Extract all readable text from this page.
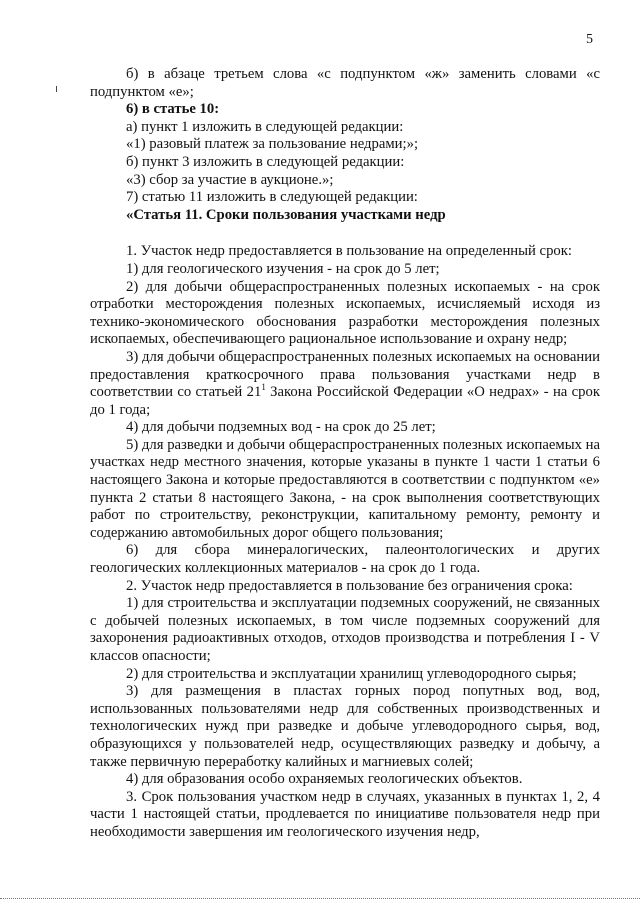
5

б) в абзаце третьем слова «с подпунктом «ж» заменить словами «с подпунктом «е»;

6) в статье 10:

а) пункт 1 изложить в следующей редакции:

«1) разовый платеж за пользование недрами;»;

б) пункт 3 изложить в следующей редакции:

«3) сбор за участие в аукционе.»;

7) статью 11 изложить в следующей редакции:

«Статья 11. Сроки пользования участками недр

1. Участок недр предоставляется в пользование на определенный срок:

1) для геологического изучения - на срок до 5 лет;

2) для добычи общераспространенных полезных ископаемых - на срок отработки месторождения полезных ископаемых, исчисляемый исходя из технико-экономического обоснования разработки месторождения полезных ископаемых, обеспечивающего рациональное использование и охрану недр;

3) для добычи общераспространенных полезных ископаемых на основании предоставления краткосрочного права пользования участками недр в соответствии со статьей $21^1$ Закона Российской Федерации «О недрах» - на срок до 1 года;

4) для добычи подземных вод - на срок до 25 лет;

5) для разведки и добычи общераспространенных полезных ископаемых на участках недр местного значения, которые указаны в пункте 1 части 1 статьи 6 настоящего Закона и которые предоставляются в соответствии с подпунктом «е» пункта 2 статьи 8 настоящего Закона, - на срок выполнения соответствующих работ по строительству, реконструкции, капитальному ремонту, ремонту и содержанию автомобильных дорог общего пользования;

6) для сбора минералогических, палеонтологических и других геологических коллекционных материалов - на срок до 1 года.

2. Участок недр предоставляется в пользование без ограничения срока:

1) для строительства и эксплуатации подземных сооружений, не связанных с добычей полезных ископаемых, в том числе подземных сооружений для захоронения радиоактивных отходов, отходов производства и потребления I - V классов опасности;

2) для строительства и эксплуатации хранилищ углеводородного сырья;

3) для размещения в пластах горных пород попутных вод, вод, использованных пользователями недр для собственных производственных и технологических нужд при разведке и добыче углеводородного сырья, вод, образующихся у пользователей недр, осуществляющих разведку и добычу, а также первичную переработку калийных и магниевых солей;

4) для образования особо охраняемых геологических объектов.

3. Срок пользования участком недр в случаях, указанных в пунктах 1, 2, 4 части 1 настоящей статьи, продлевается по инициативе пользователя недр при необходимости завершения им геологического изучения недр,
